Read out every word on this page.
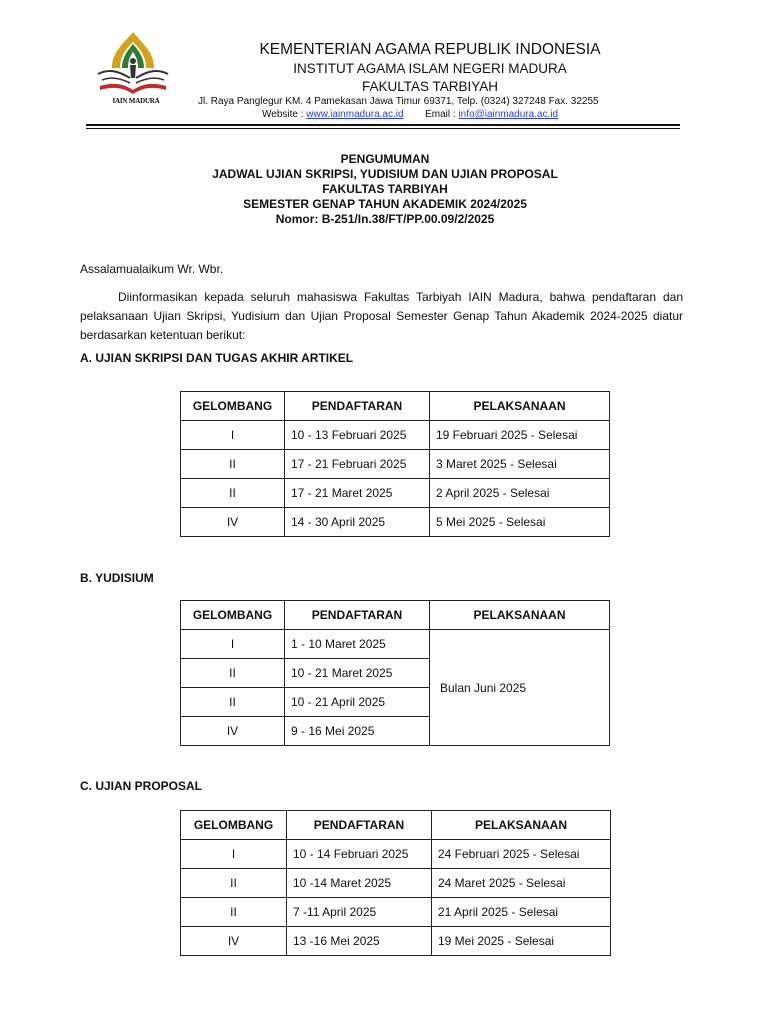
IAIN MADURA
KEMENTERIAN AGAMA REPUBLIK INDONESIA
INSTITUT AGAMA ISLAM NEGERI MADURA
FAKULTAS TARBIYAH
Jl. Raya Panglegur KM. 4 Pamekasan Jawa Timur 69371, Telp. (0324) 327248 Fax. 32255
Website : www.iainmadura.ac.id Email : info@iainmadura.ac.id
PENGUMUMAN
JADWAL UJIAN SKRIPSI, YUDISIUM DAN UJIAN PROPOSAL
FAKULTAS TARBIYAH
SEMESTER GENAP TAHUN AKADEMIK 2024/2025
Nomor: B-251/In.38/FT/PP.00.09/2/2025
Assalamualaikum Wr. Wbr.

Diinformasikan kepada seluruh mahasiswa Fakultas Tarbiyah IAIN Madura, bahwa pendaftaran dan pelaksanaan Ujian Skripsi, Yudisium dan Ujian Proposal Semester Genap Tahun Akademik 2024-2025 diatur berdasarkan ketentuan berikut:

A. UJIAN SKRIPSI DAN TUGAS AKHIR ARTIKEL
GELOMBANG	PENDAFTARAN	PELAKSANAAN
I	10 - 13 Februari 2025	19 Februari 2025 - Selesai
II	17 - 21 Februari 2025	3 Maret 2025 - Selesai
II	17 - 21 Maret 2025	2 April 2025 - Selesai
IV	14 - 30 April 2025	5 Mei 2025 - Selesai
B. YUDISIUM
GELOMBANG	PENDAFTARAN	PELAKSANAAN
I	1 - 10 Maret 2025	Bulan Juni 2025
II	10 - 21 Maret 2025	
II	10 - 21 April 2025	
IV	9 - 16 Mei 2025	
C. UJIAN PROPOSAL
GELOMBANG	PENDAFTARAN	PELAKSANAAN
I	10 - 14 Februari 2025	24 Februari 2025 - Selesai
II	10 -14 Maret 2025	24 Maret 2025 - Selesai
II	7 -11 April 2025	21 April 2025 - Selesai
IV	13 -16 Mei 2025	19 Mei 2025 - Selesai
